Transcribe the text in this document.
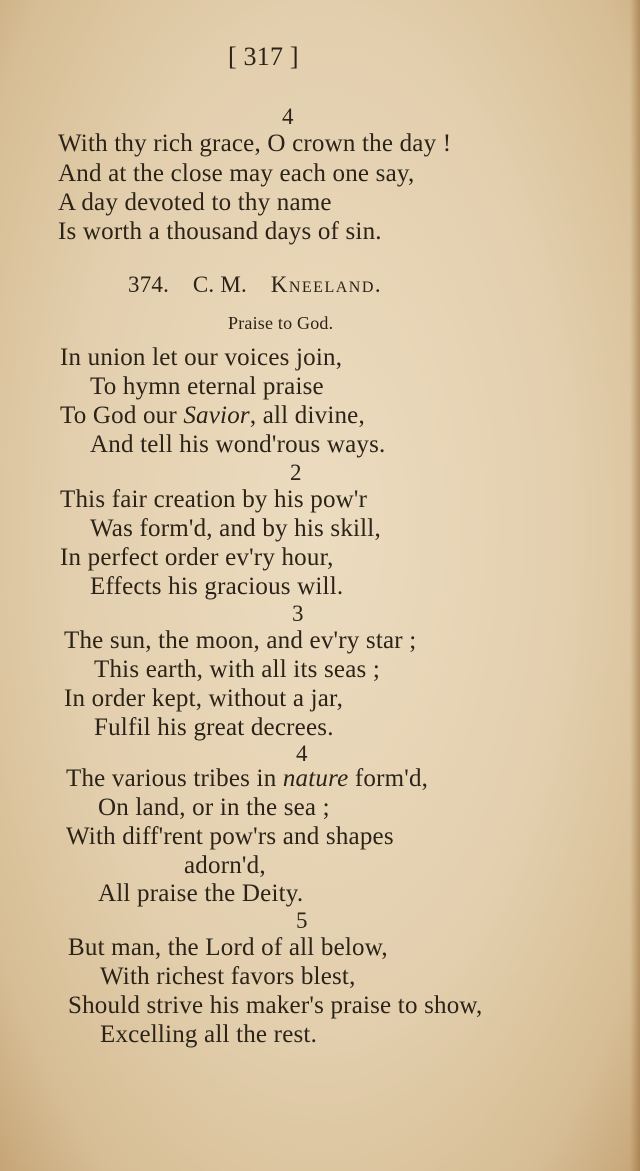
[ 317 ]
4
With thy rich grace, O crown the day !
And at the close may each one say,
A day devoted to thy name
Is worth a thousand days of sin.
374. C. M. Kneeland.
Praise to God.
In union let our voices join,
To hymn eternal praise
To God our Savior, all divine,
And tell his wond'rous ways.
2
This fair creation by his pow'r
Was form'd, and by his skill,
In perfect order ev'ry hour,
Effects his gracious will.
3
The sun, the moon, and ev'ry star ;
This earth, with all its seas ;
In order kept, without a jar,
Fulfil his great decrees.
4
The various tribes in nature form'd,
On land, or in the sea ;
With diff'rent pow'rs and shapes
adorn'd,
All praise the Deity.
5
But man, the Lord of all below,
With richest favors blest,
Should strive his maker's praise to show,
Excelling all the rest.
